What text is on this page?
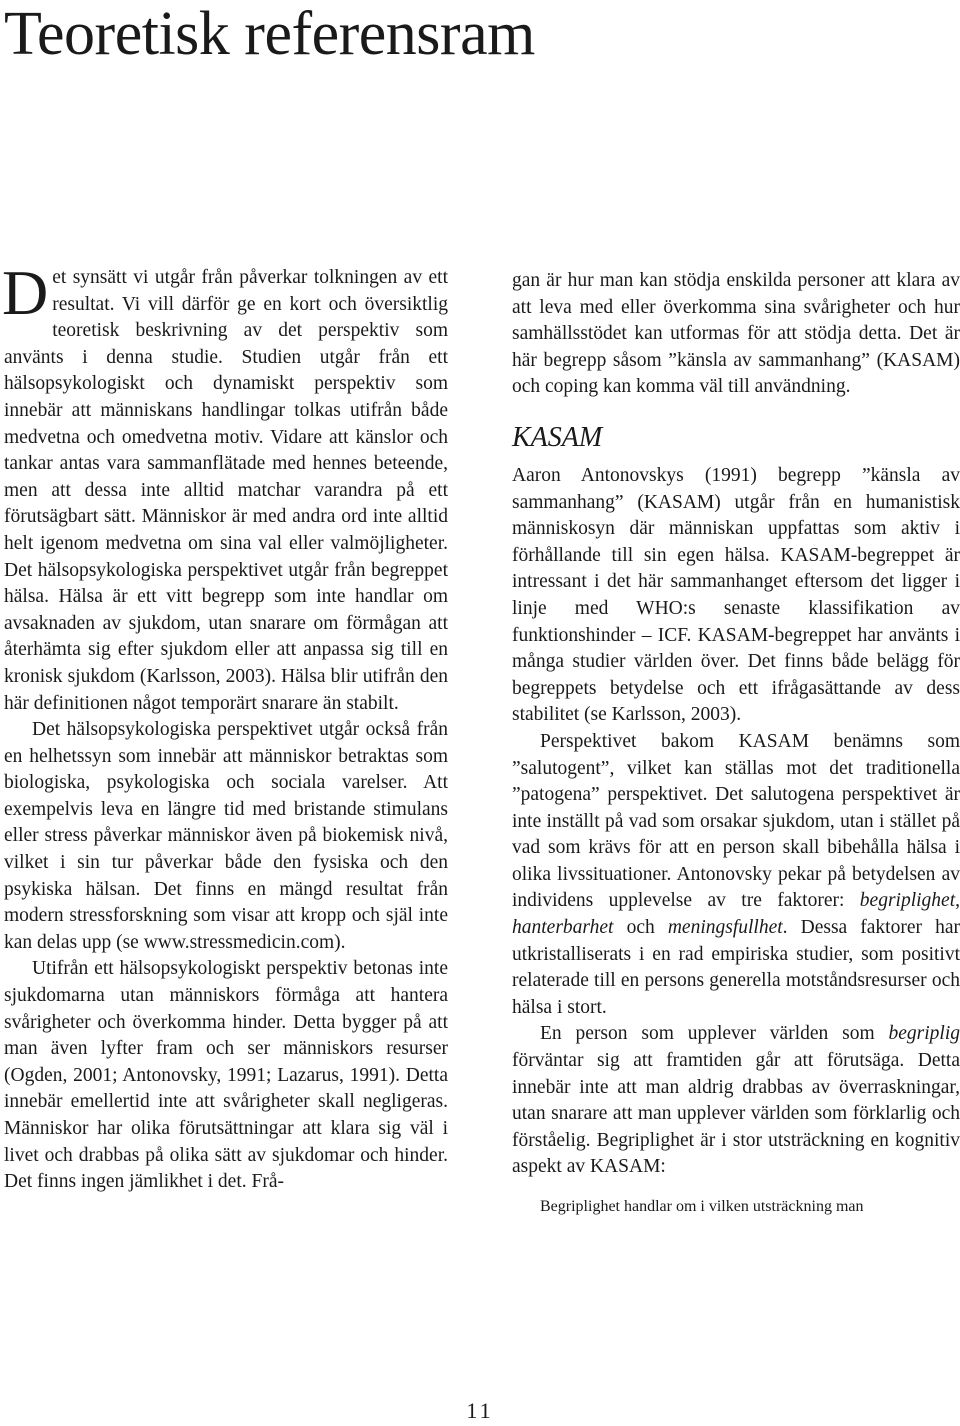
Teoretisk referensram

Det synsätt vi utgår från påverkar tolkningen av ett resultat. Vi vill därför ge en kort och översiktlig teoretisk beskrivning av det perspektiv som använts i denna studie. Studien utgår från ett hälsopsykologiskt och dynamiskt perspektiv som innebär att människans handlingar tolkas utifrån både medvetna och omedvetna motiv. Vidare att känslor och tankar antas vara sammanflätade med hennes beteende, men att dessa inte alltid matchar varandra på ett förutsägbart sätt. Människor är med andra ord inte alltid helt igenom medvetna om sina val eller valmöjligheter. Det hälsopsykologiska perspektivet utgår från begreppet hälsa. Hälsa är ett vitt begrepp som inte handlar om avsaknaden av sjukdom, utan snarare om förmågan att återhämta sig efter sjukdom eller att anpassa sig till en kronisk sjukdom (Karlsson, 2003). Hälsa blir utifrån den här definitionen något temporärt snarare än stabilt.

Det hälsopsykologiska perspektivet utgår också från en helhetssyn som innebär att människor betraktas som biologiska, psykologiska och sociala varelser. Att exempelvis leva en längre tid med bristande stimulans eller stress påverkar människor även på biokemisk nivå, vilket i sin tur påverkar både den fysiska och den psykiska hälsan. Det finns en mängd resultat från modern stressforskning som visar att kropp och själ inte kan delas upp (se www.stressmedicin.com).

Utifrån ett hälsopsykologiskt perspektiv betonas inte sjukdomarna utan människors förmåga att hantera svårigheter och överkomma hinder. Detta bygger på att man även lyfter fram och ser människors resurser (Ogden, 2001; Antonovsky, 1991; Lazarus, 1991). Detta innebär emellertid inte att svårigheter skall negligeras. Människor har olika förutsättningar att klara sig väl i livet och drabbas på olika sätt av sjukdomar och hinder. Det finns ingen jämlikhet i det. Frå-

gan är hur man kan stödja enskilda personer att klara av att leva med eller överkomma sina svårigheter och hur samhällsstödet kan utformas för att stödja detta. Det är här begrepp såsom ”känsla av sammanhang” (KASAM) och coping kan komma väl till användning.

KASAM

Aaron Antonovskys (1991) begrepp ”känsla av sammanhang” (KASAM) utgår från en humanistisk människosyn där människan uppfattas som aktiv i förhållande till sin egen hälsa. KASAM-begreppet är intressant i det här sammanhanget eftersom det ligger i linje med WHO:s senaste klassifikation av funktionshinder – ICF. KASAM-begreppet har använts i många studier världen över. Det finns både belägg för begreppets betydelse och ett ifrågasättande av dess stabilitet (se Karlsson, 2003).

Perspektivet bakom KASAM benämns som ”salutogent”, vilket kan ställas mot det traditionella ”patogena” perspektivet. Det salutogena perspektivet är inte inställt på vad som orsakar sjukdom, utan i stället på vad som krävs för att en person skall bibehålla hälsa i olika livssituationer. Antonovsky pekar på betydelsen av individens upplevelse av tre faktorer: begriplighet, hanterbarhet och meningsfullhet. Dessa faktorer har utkristalliserats i en rad empiriska studier, som positivt relaterade till en persons generella motståndsresurser och hälsa i stort.

En person som upplever världen som begriplig förväntar sig att framtiden går att förutsäga. Detta innebär inte att man aldrig drabbas av överraskningar, utan snarare att man upplever världen som förklarlig och förståelig. Begriplighet är i stor utsträckning en kognitiv aspekt av KASAM:

Begriplighet handlar om i vilken utsträckning man
11
